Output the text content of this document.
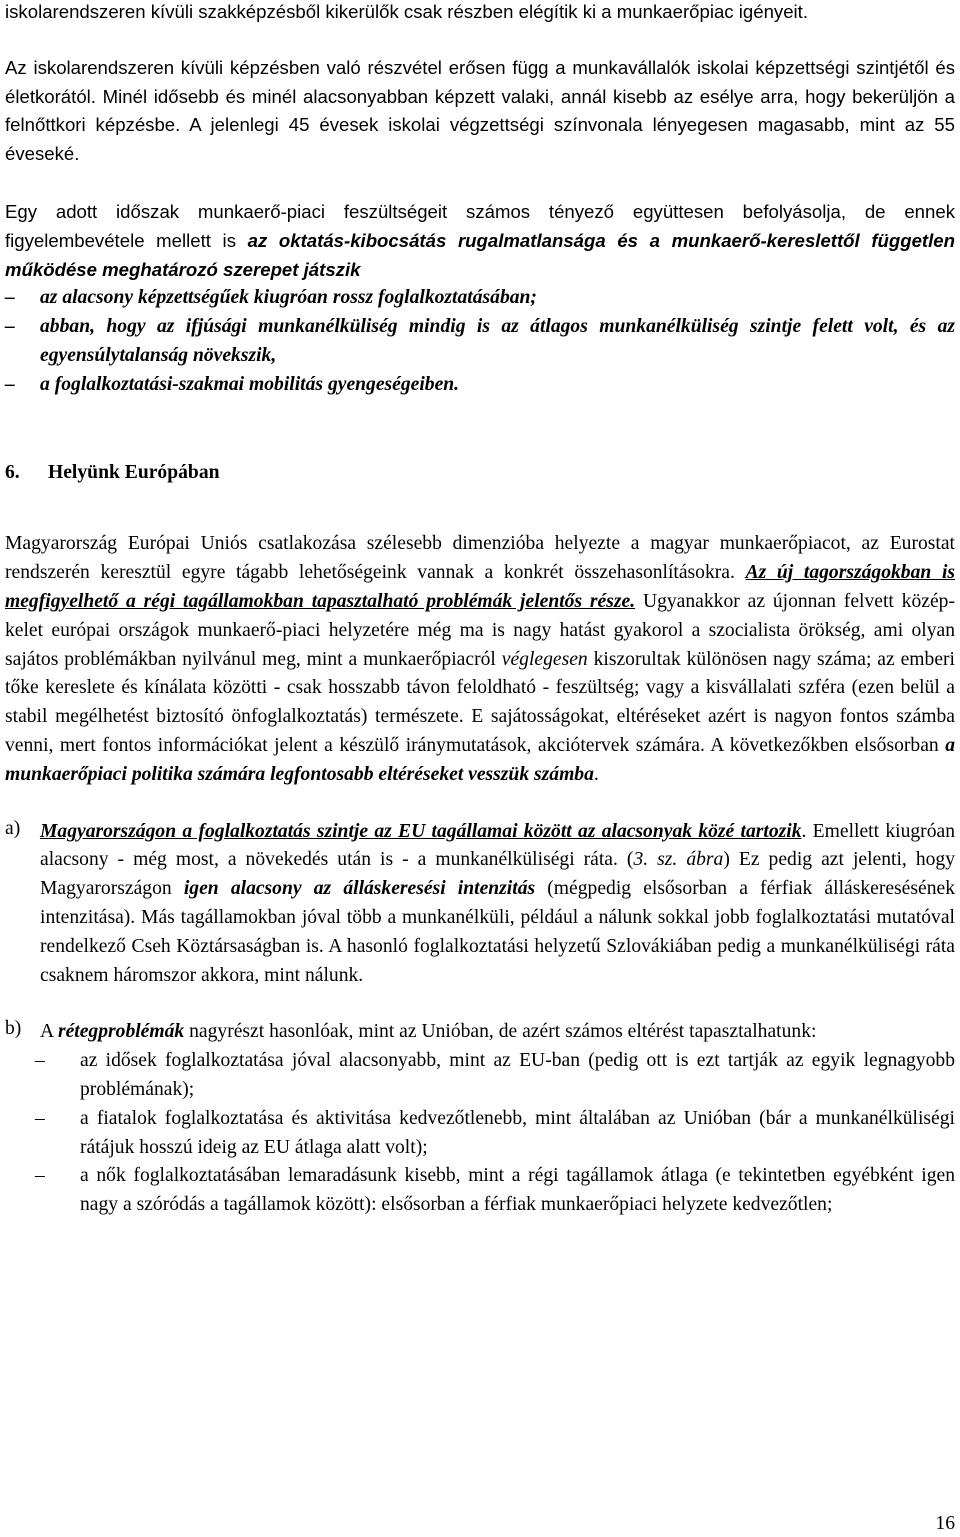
iskolarendszeren kívüli szakképzésből kikerülők csak részben elégítik ki a munkaerőpiac igényeit.

Az iskolarendszeren kívüli képzésben való részvétel erősen függ a munkavállalók iskolai képzettségi szintjétől és életkorától. Minél idősebb és minél alacsonyabban képzett valaki, annál kisebb az esélye arra, hogy bekerüljön a felnőttkori képzésbe. A jelenlegi 45 évesek iskolai végzettségi színvonala lényegesen magasabb, mint az 55 éveseké.

Egy adott időszak munkaerő-piaci feszültségeit számos tényező együttesen befolyásolja, de ennek figyelembevétele mellett is az oktatás-kibocsátás rugalmatlansága és a munkaerő-kereslettől független működése meghatározó szerepet játszik

– az alacsony képzettségűek kiugróan rossz foglalkoztatásában;
– abban, hogy az ifjúsági munkanélküliség mindig is az átlagos munkanélküliség szintje felett volt, és az egyensúlytalanság növekszik,
– a foglalkoztatási-szakmai mobilitás gyengeségeiben.
6. Helyünk Európában

Magyarország Európai Uniós csatlakozása szélesebb dimenzióba helyezte a magyar munkaerőpiacot, az Eurostat rendszerén keresztül egyre tágabb lehetőségeink vannak a konkrét összehasonlításokra. Az új tagországokban is megfigyelhető a régi tagállamokban tapasztalható problémák jelentős része. Ugyanakkor az újonnan felvett közép-kelet európai országok munkaerő-piaci helyzetére még ma is nagy hatást gyakorol a szocialista örökség, ami olyan sajátos problémákban nyilvánul meg, mint a munkaerőpiacról véglegesen kiszorultak különösen nagy száma; az emberi tőke kereslete és kínálata közötti - csak hosszabb távon feloldható - feszültség; vagy a kisvállalati szféra (ezen belül a stabil megélhetést biztosító önfoglalkoztatás) természete. E sajátosságokat, eltéréseket azért is nagyon fontos számba venni, mert fontos információkat jelent a készülő iránymutatások, akciótervek számára. A következőkben elsősorban a munkaerőpiaci politika számára legfontosabb eltéréseket vesszük számba.

a)	Magyarországon a foglalkoztatás szintje az EU tagállamai között az alacsonyak közé tartozik. Emellett kiugróan alacsony - még most, a növekedés után is - a munkanélküliségi ráta. (3. sz. ábra) Ez pedig azt jelenti, hogy Magyarországon igen alacsony az álláskeresési intenzitás (mégpedig elsősorban a férfiak álláskeresésének intenzitása). Más tagállamokban jóval több a munkanélküli, például a nálunk sokkal jobb foglalkoztatási mutatóval rendelkező Cseh Köztársaságban is. A hasonló foglalkoztatási helyzetű Szlovákiában pedig a munkanélküliségi ráta csaknem háromszor akkora, mint nálunk.

b) A rétegproblémák nagyrészt hasonlóak, mint az Unióban, de azért számos eltérést tapasztalhatunk:

– az idősek foglalkoztatása jóval alacsonyabb, mint az EU-ban (pedig ott is ezt tartják az egyik legnagyobb problémának);
– a fiatalok foglalkoztatása és aktivitása kedvezőtlenebb, mint általában az Unióban (bár a munkanélküliségi rátájuk hosszú ideig az EU átlaga alatt volt);
– a nők foglalkoztatásában lemaradásunk kisebb, mint a régi tagállamok átlaga (e tekintetben egyébként igen nagy a szóródás a tagállamok között): elsősorban a férfiak munkaerőpiaci helyzete kedvezőtlen;
16
